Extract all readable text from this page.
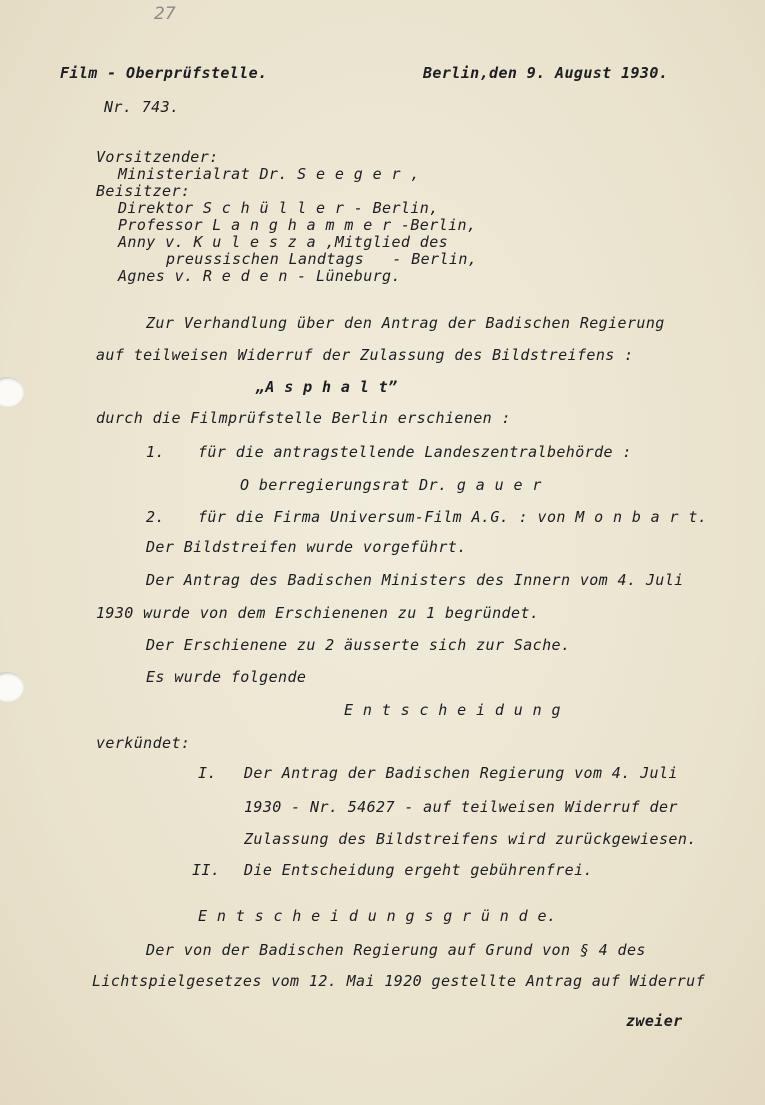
27
Film - Oberprüfstelle.	Berlin,den 9. August 1930.
Nr. 743.
Vorsitzender:
Ministerialrat Dr. S e e g e r ,
Beisitzer:
Direktor S c h ü l l e r - Berlin,
Professor L a n g h a m m e r -Berlin,
Anny v. K u l e s z a ,Mitglied des
preussischen Landtags   - Berlin,
Agnes v. R e d e n - Lüneburg.
Zur Verhandlung über den Antrag der Badischen Regierung
auf teilweisen Widerruf der Zulassung des Bildstreifens :
„A s p h a l t”
durch die Filmprüfstelle Berlin erschienen :
1. für die antragstellende Landeszentralbehörde :
O berregierungsrat Dr. g a u e r
2. für die Firma Universum-Film A.G. : von M o n b a r t.
Der Bildstreifen wurde vorgeführt.
Der Antrag des Badischen Ministers des Innern vom 4. Juli
1930 wurde von dem Erschienenen zu 1 begründet.
Der Erschienene zu 2 äusserte sich zur Sache.
Es wurde folgende
E n t s c h e i d u n g
verkündet:
I. Der Antrag der Badischen Regierung vom 4. Juli
1930 - Nr. 54627 - auf teilweisen Widerruf der
Zulassung des Bildstreifens wird zurückgewiesen.
II. Die Entscheidung ergeht gebührenfrei.
E n t s c h e i d u n g s g r ü n d e.
Der von der Badischen Regierung auf Grund von § 4 des
Lichtspielgesetzes vom 12. Mai 1920 gestellte Antrag auf Widerruf
zweier
